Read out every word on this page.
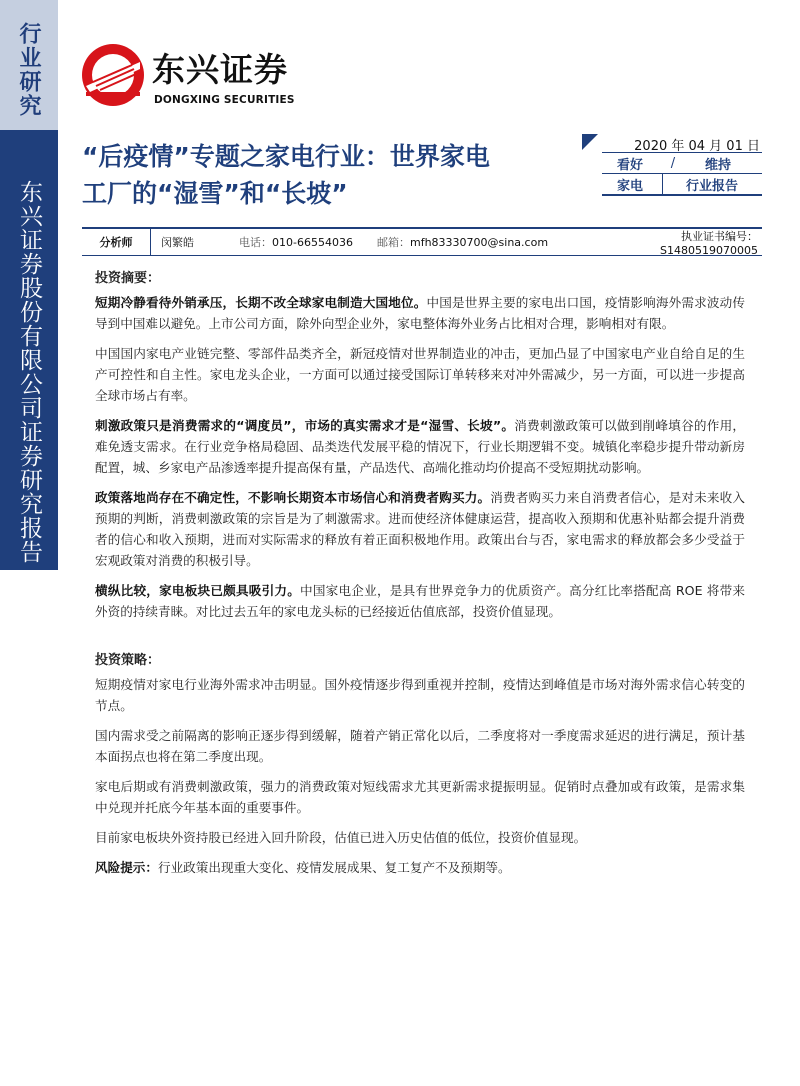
行业研究
东兴证券股份有限公司证券研究报告
东兴证券
DONGXING SECURITIES
“后疫情”专题之家电行业：世界家电
工厂的“湿雪”和“长坡”
2020 年 04 月 01 日
看好	/	维持
家电	行业报告
分析师	闵繁皓	电话：010-66554036	邮箱：mfh83330700@sina.com	执业证书编号：S1480519070005
投资摘要：
短期冷静看待外销承压，长期不改全球家电制造大国地位。中国是世界主要的家电出口国，疫情影响海外需求波动传导到中国难以避免。上市公司方面，除外向型企业外，家电整体海外业务占比相对合理，影响相对有限。
中国国内家电产业链完整、零部件品类齐全，新冠疫情对世界制造业的冲击，更加凸显了中国家电产业自给自足的生产可控性和自主性。家电龙头企业，一方面可以通过接受国际订单转移来对冲外需减少，另一方面，可以进一步提高全球市场占有率。
刺激政策只是消费需求的“调度员”，市场的真实需求才是“湿雪、长坡”。消费刺激政策可以做到削峰填谷的作用，难免透支需求。在行业竞争格局稳固、品类迭代发展平稳的情况下，行业长期逻辑不变。城镇化率稳步提升带动新房配置，城、乡家电产品渗透率提升提高保有量，产品迭代、高端化推动均价提高不受短期扰动影响。
政策落地尚存在不确定性，不影响长期资本市场信心和消费者购买力。消费者购买力来自消费者信心，是对未来收入预期的判断，消费刺激政策的宗旨是为了刺激需求。进而使经济体健康运营，提高收入预期和优惠补贴都会提升消费者的信心和收入预期，进而对实际需求的释放有着正面积极地作用。政策出台与否，家电需求的释放都会多少受益于宏观政策对消费的积极引导。
横纵比较，家电板块已颇具吸引力。中国家电企业，是具有世界竞争力的优质资产。高分红比率搭配高 ROE 将带来外资的持续青睐。对比过去五年的家电龙头标的已经接近估值底部，投资价值显现。
投资策略：
短期疫情对家电行业海外需求冲击明显。国外疫情逐步得到重视并控制，疫情达到峰值是市场对海外需求信心转变的节点。
国内需求受之前隔离的影响正逐步得到缓解，随着产销正常化以后，二季度将对一季度需求延迟的进行满足，预计基本面拐点也将在第二季度出现。
家电后期或有消费刺激政策，强力的消费政策对短线需求尤其更新需求提振明显。促销时点叠加或有政策，是需求集中兑现并托底今年基本面的重要事件。
目前家电板块外资持股已经进入回升阶段，估值已进入历史估值的低位，投资价值显现。
风险提示：行业政策出现重大变化、疫情发展成果、复工复产不及预期等。
